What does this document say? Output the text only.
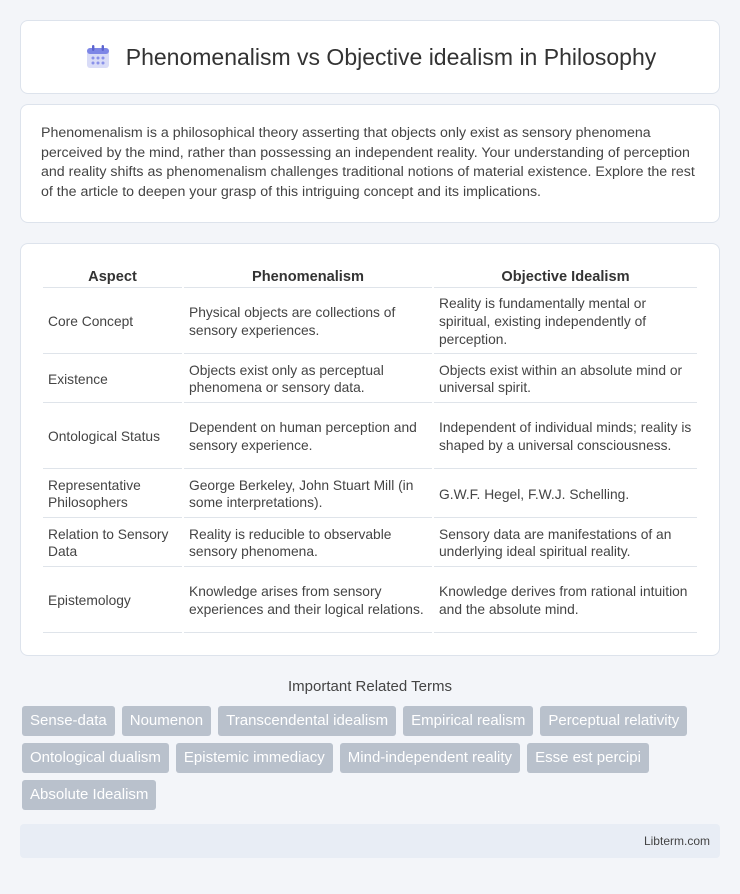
Phenomenalism vs Objective idealism in Philosophy

Phenomenalism is a philosophical theory asserting that objects only exist as sensory phenomena perceived by the mind, rather than possessing an independent reality. Your understanding of perception and reality shifts as phenomenalism challenges traditional notions of material existence. Explore the rest of the article to deepen your grasp of this intriguing concept and its implications.

Aspect	Phenomenalism	Objective Idealism
Core Concept	Physical objects are collections of sensory experiences.	Reality is fundamentally mental or spiritual, existing independently of perception.
Existence	Objects exist only as perceptual phenomena or sensory data.	Objects exist within an absolute mind or universal spirit.
Ontological Status	Dependent on human perception and sensory experience.	Independent of individual minds; reality is shaped by a universal consciousness.
Representative Philosophers	George Berkeley, John Stuart Mill (in some interpretations).	G.W.F. Hegel, F.W.J. Schelling.
Relation to Sensory Data	Reality is reducible to observable sensory phenomena.	Sensory data are manifestations of an underlying ideal spiritual reality.
Epistemology	Knowledge arises from sensory experiences and their logical relations.	Knowledge derives from rational intuition and the absolute mind.
Important Related Terms
Sense-data	Noumenon	Transcendental idealism	Empirical realism	Perceptual relativity
Ontological dualism	Epistemic immediacy	Mind-independent reality	Esse est percipi
Absolute Idealism
Libterm.com
